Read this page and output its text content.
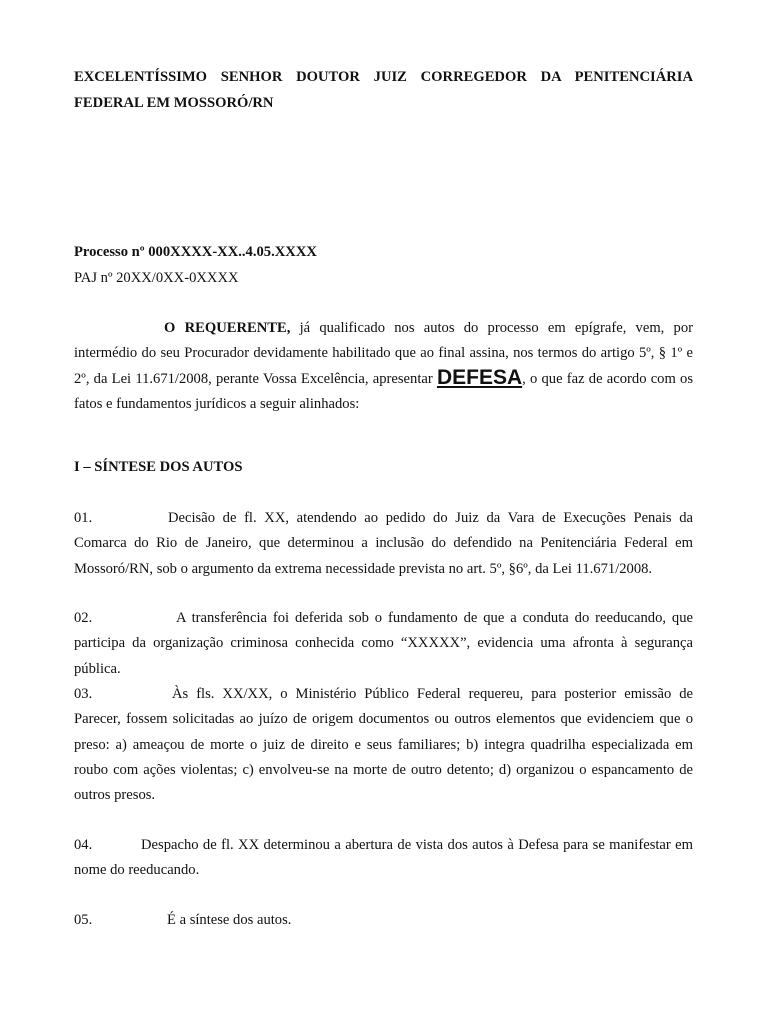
EXCELENTÍSSIMO SENHOR DOUTOR JUIZ CORREGEDOR DA PENITENCIÁRIA FEDERAL EM MOSSORÓ/RN
Processo nº 000XXXX-XX..4.05.XXXX
PAJ nº 20XX/0XX-0XXXX
O REQUERENTE, já qualificado nos autos do processo em epígrafe, vem, por intermédio do seu Procurador devidamente habilitado que ao final assina, nos termos do artigo 5º, § 1º e 2º, da Lei 11.671/2008, perante Vossa Excelência, apresentar DEFESA, o que faz de acordo com os fatos e fundamentos jurídicos a seguir alinhados:
I – SÍNTESE DOS AUTOS
01.	Decisão de fl. XX, atendendo ao pedido do Juiz da Vara de Execuções Penais da Comarca do Rio de Janeiro, que determinou a inclusão do defendido na Penitenciária Federal em Mossoró/RN, sob o argumento da extrema necessidade prevista no art. 5º, §6º, da Lei 11.671/2008.
02.	A transferência foi deferida sob o fundamento de que a conduta do reeducando, que participa da organização criminosa conhecida como “XXXXX”, evidencia uma afronta à segurança pública.
03.	Às fls. XX/XX, o Ministério Público Federal requereu, para posterior emissão de Parecer, fossem solicitadas ao juízo de origem documentos ou outros elementos que evidenciem que o preso: a) ameaçou de morte o juiz de direito e seus familiares; b) integra quadrilha especializada em roubo com ações violentas; c) envolveu-se na morte de outro detento; d) organizou o espancamento de outros presos.
04.	Despacho de fl. XX determinou a abertura de vista dos autos à Defesa para se manifestar em nome do reeducando.
05.	É a síntese dos autos.
